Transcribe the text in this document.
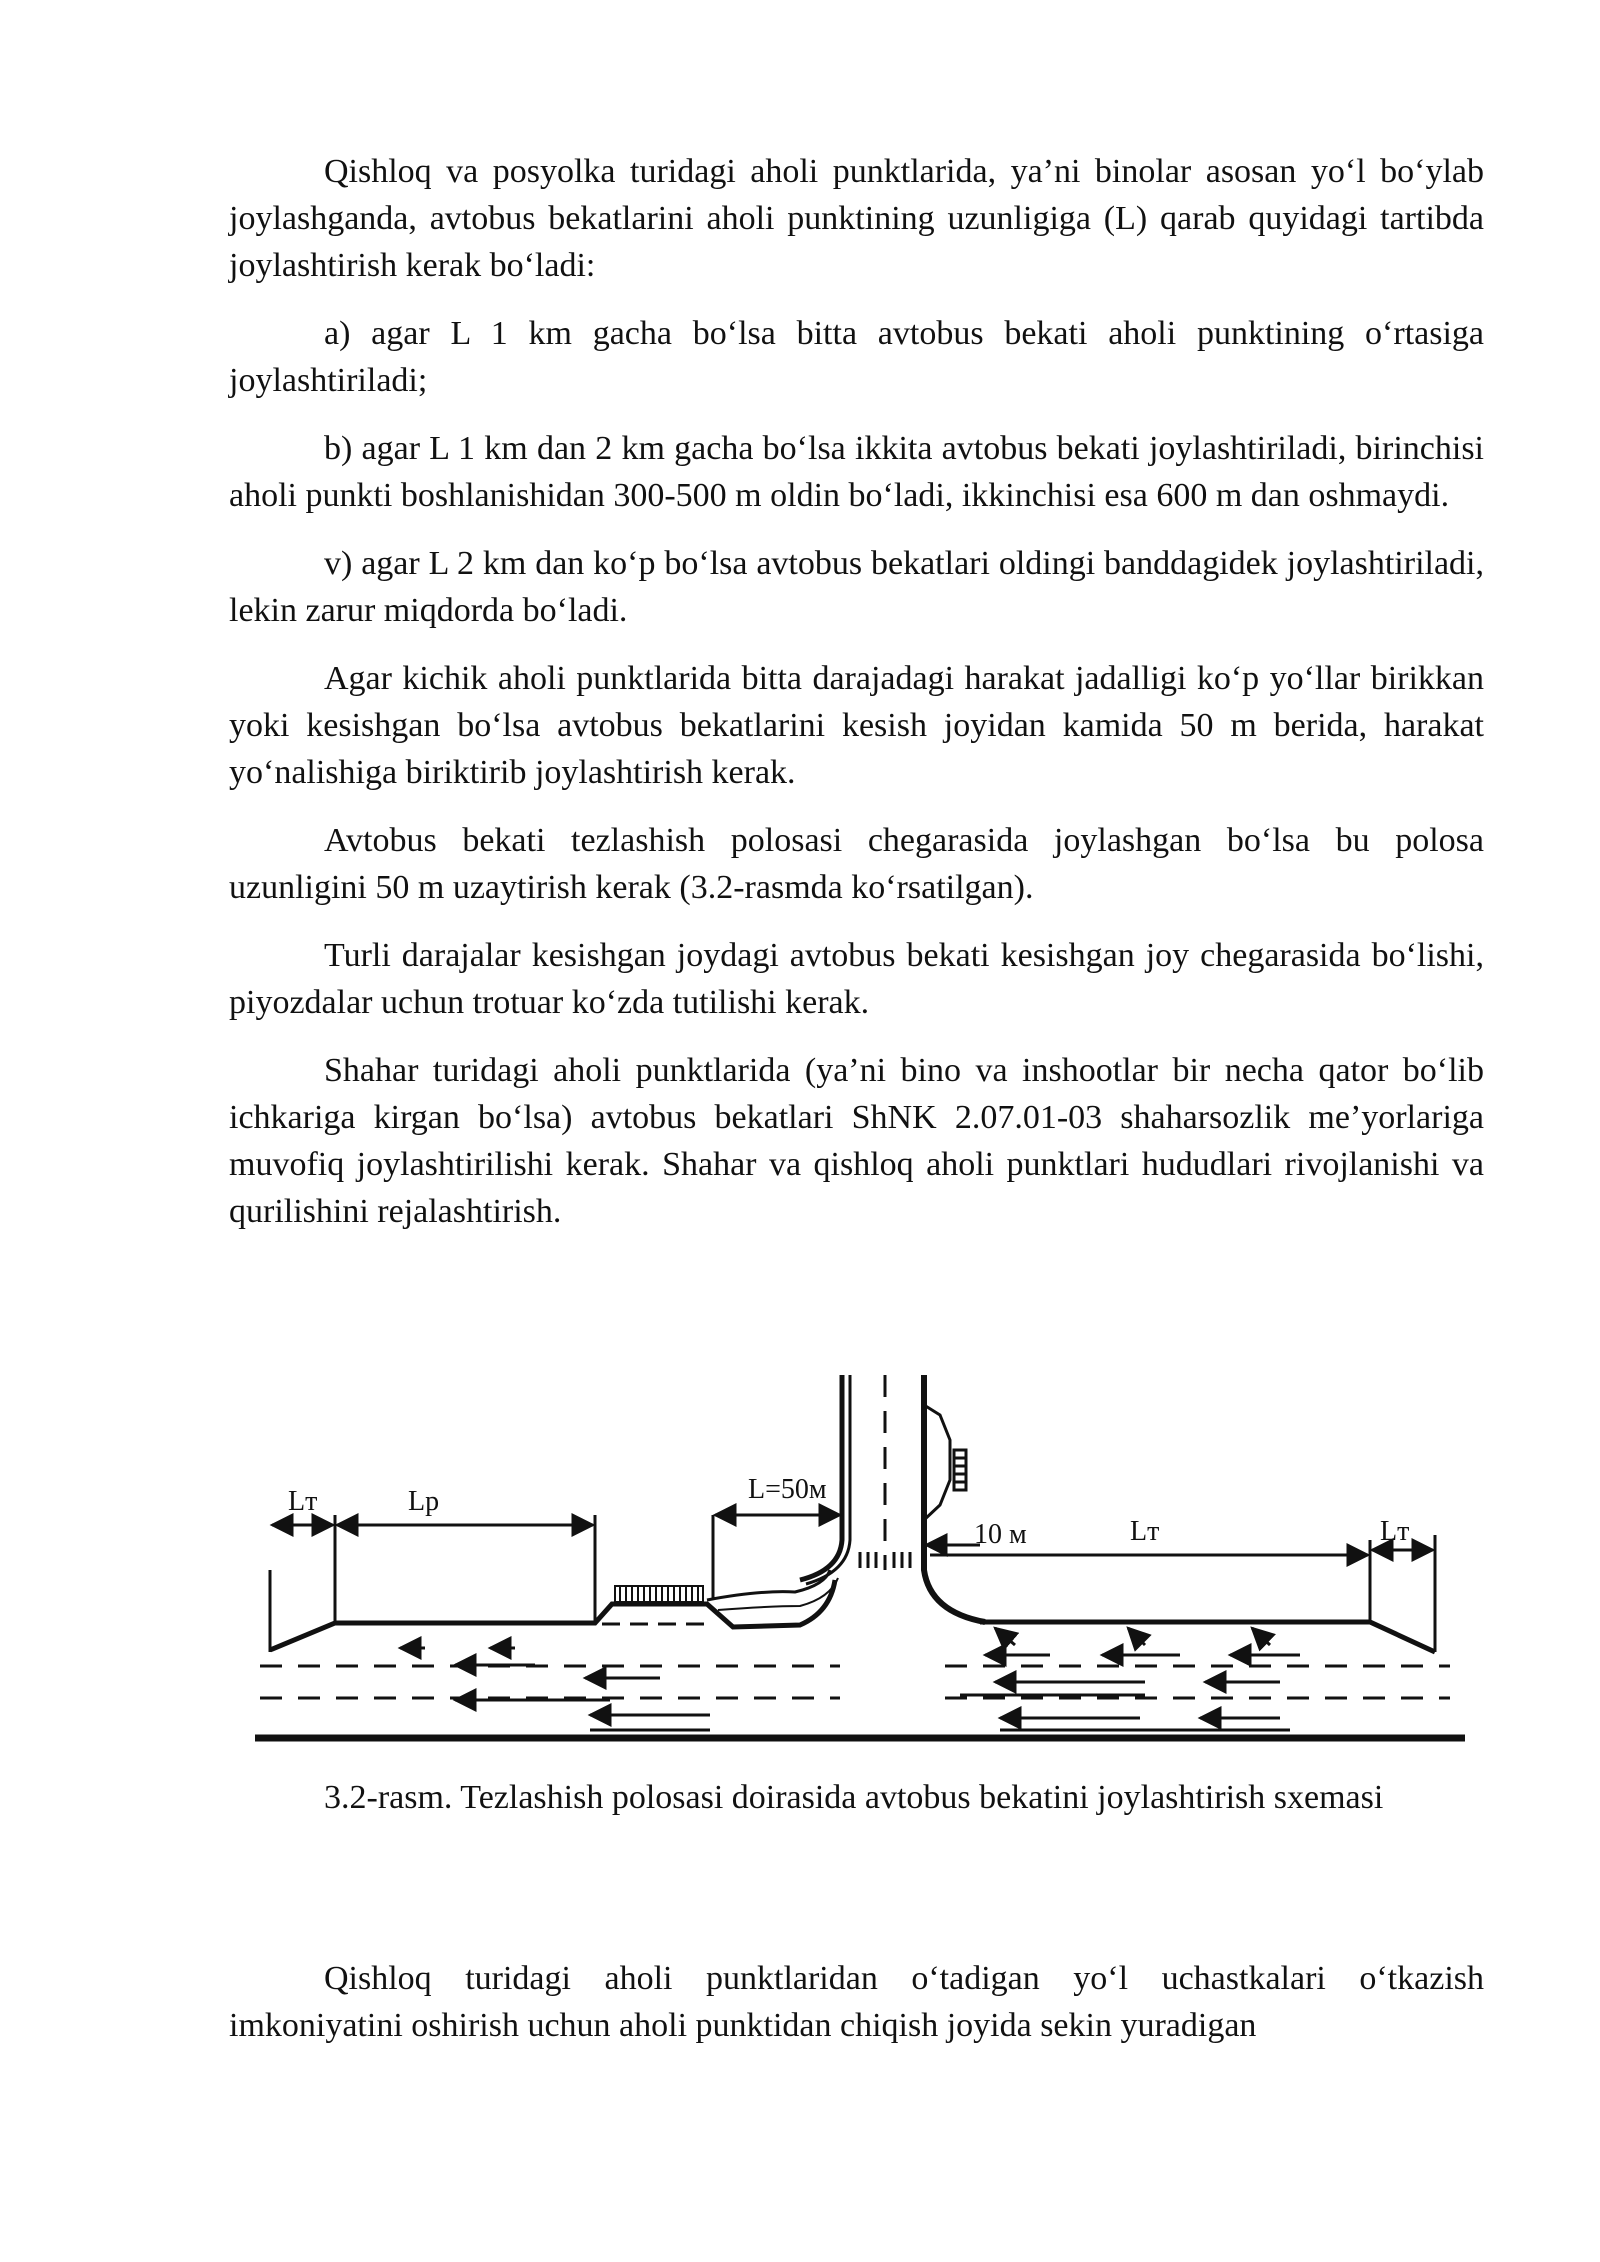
Qishloq va posyolka turidagi aholi punktlarida, ya’ni binolar asosan yo‘l bo‘ylab joylashganda, avtobus bekatlarini aholi punktining uzunligiga (L) qarab quyidagi tartibda joylashtirish kerak bo‘ladi:

a) agar L 1 km gacha bo‘lsa bitta avtobus bekati aholi punktining o‘rtasiga joylashtiriladi;

b) agar L 1 km dan 2 km gacha bo‘lsa ikkita avtobus bekati joylashtiriladi, birinchisi aholi punkti boshlanishidan 300-500 m oldin bo‘ladi, ikkinchisi esa 600 m dan oshmaydi.

v) agar L 2 km dan ko‘p bo‘lsa avtobus bekatlari oldingi banddagidek joylashtiriladi, lekin zarur miqdorda bo‘ladi.

Agar kichik aholi punktlarida bitta darajadagi harakat jadalligi ko‘p yo‘llar birikkan yoki kesishgan bo‘lsa avtobus bekatlarini kesish joyidan kamida 50 m berida, harakat yo‘nalishiga biriktirib joylashtirish kerak.

Avtobus bekati tezlashish polosasi chegarasida joylashgan bo‘lsa bu polosa uzunligini 50 m uzaytirish kerak (3.2-rasmda ko‘rsatilgan).

Turli darajalar kesishgan joydagi avtobus bekati kesishgan joy chegarasida bo‘lishi, piyozdalar uchun trotuar ko‘zda tutilishi kerak.

Shahar turidagi aholi punktlarida (ya’ni bino va inshootlar bir necha qator bo‘lib ichkariga kirgan bo‘lsa) avtobus bekatlari ShNK 2.07.01-03 shaharsozlik me’yorlariga muvofiq joylashtirilishi kerak. Shahar va qishloq aholi punktlari hududlari rivojlanishi va qurilishini rejalashtirish.

Lт	Lр	L=50м
10 м	Lт	Lт

3.2-rasm. Tezlashish polosasi doirasida avtobus bekatini joylashtirish sxemasi

Qishloq turidagi aholi punktlaridan o‘tadigan yo‘l uchastkalari o‘tkazish imkoniyatini oshirish uchun aholi punktidan chiqish joyida sekin yuradigan
